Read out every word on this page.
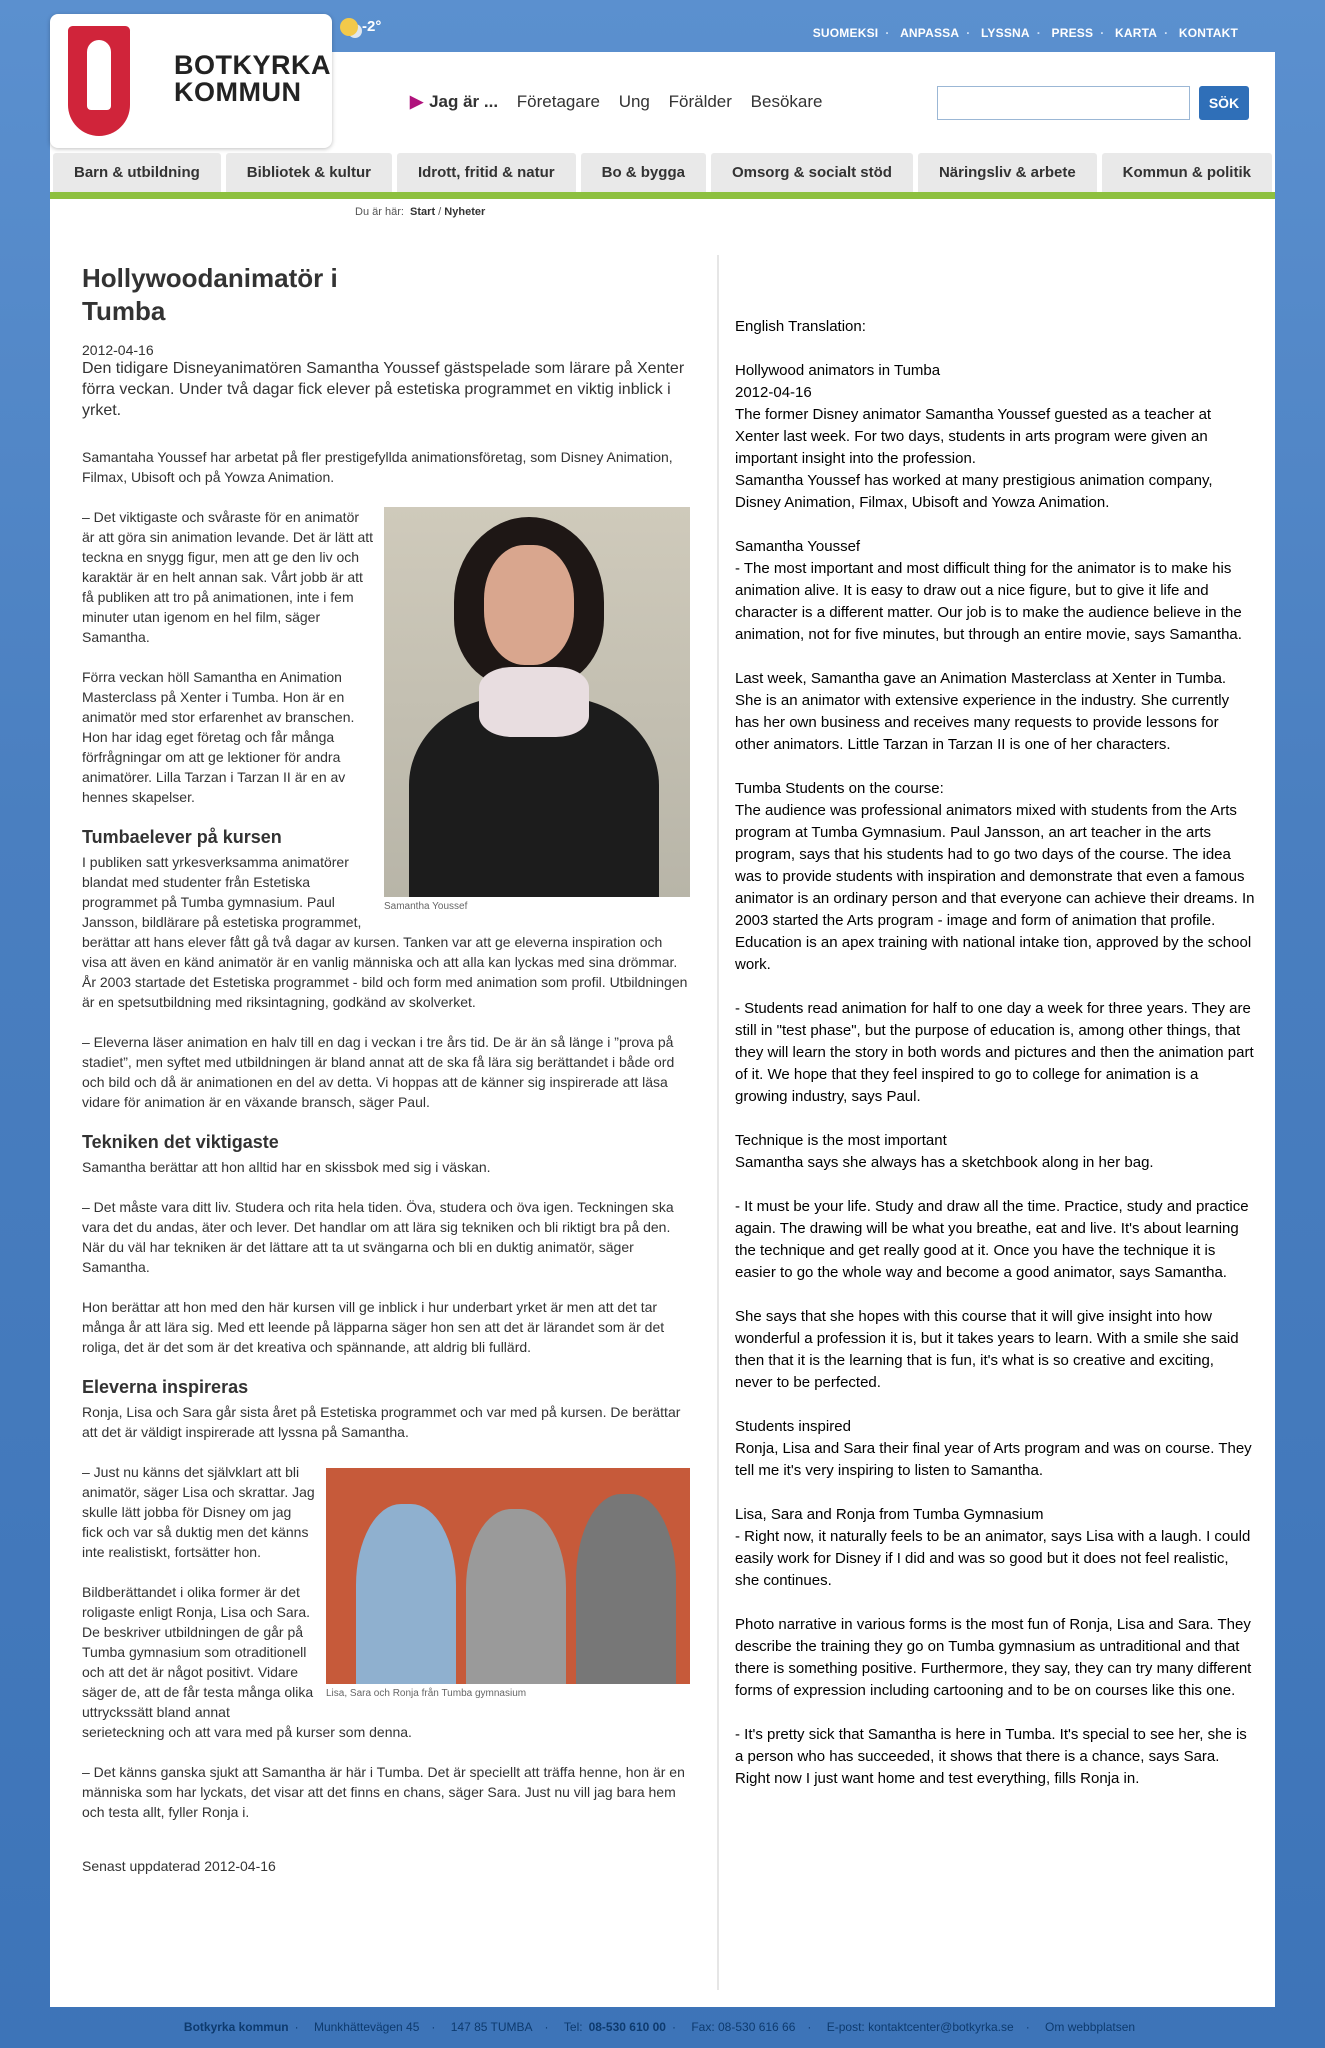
-2°	SUOMEKSI · ANPASSA · LYSSNA · PRESS · KARTA · KONTAKT
BOTKYRKA
KOMMUN	▶ Jag är ... Företagare Ung Förälder Besökare	SÖK
Barn & utbildning	Bibliotek & kultur	Idrott, fritid & natur	Bo & bygga	Omsorg & socialt stöd	Näringsliv & arbete	Kommun & politik
Du är här: Start / Nyheter
Hollywoodanimatör i Tumba

2012-04-16

Den tidigare Disneyanimatören Samantha Youssef gästspelade som lärare på Xenter förra veckan. Under två dagar fick elever på estetiska programmet en viktig inblick i yrket.

Samantaha Youssef har arbetat på fler prestigefyllda animationsföretag, som Disney Animation, Filmax, Ubisoft och på Yowza Animation.

Samantha Youssef

– Det viktigaste och svåraste för en animatör är att göra sin animation levande. Det är lätt att teckna en snygg figur, men att ge den liv och karaktär är en helt annan sak. Vårt jobb är att få publiken att tro på animationen, inte i fem minuter utan igenom en hel film, säger Samantha.

Förra veckan höll Samantha en Animation Masterclass på Xenter i Tumba. Hon är en animatör med stor erfarenhet av branschen. Hon har idag eget företag och får många förfrågningar om att ge lektioner för andra animatörer. Lilla Tarzan i Tarzan II är en av hennes skapelser.

Tumbaelever på kursen

I publiken satt yrkesverksamma animatörer blandat med studenter från Estetiska programmet på Tumba gymnasium. Paul Jansson, bildlärare på estetiska programmet, berättar att hans elever fått gå två dagar av kursen. Tanken var att ge eleverna inspiration och visa att även en känd animatör är en vanlig människa och att alla kan lyckas med sina drömmar. År 2003 startade det Estetiska programmet - bild och form med animation som profil. Utbildningen är en spetsutbildning med riksintagning, godkänd av skolverket.

– Eleverna läser animation en halv till en dag i veckan i tre års tid. De är än så länge i ”prova på stadiet”, men syftet med utbildningen är bland annat att de ska få lära sig berättandet i både ord och bild och då är animationen en del av detta. Vi hoppas att de känner sig inspirerade att läsa vidare för animation är en växande bransch, säger Paul.

Tekniken det viktigaste

Samantha berättar att hon alltid har en skissbok med sig i väskan.

– Det måste vara ditt liv. Studera och rita hela tiden. Öva, studera och öva igen. Teckningen ska vara det du andas, äter och lever. Det handlar om att lära sig tekniken och bli riktigt bra på den. När du väl har tekniken är det lättare att ta ut svängarna och bli en duktig animatör, säger Samantha.

Hon berättar att hon med den här kursen vill ge inblick i hur underbart yrket är men att det tar många år att lära sig. Med ett leende på läpparna säger hon sen att det är lärandet som är det roliga, det är det som är det kreativa och spännande, att aldrig bli fullärd.

Eleverna inspireras

Ronja, Lisa och Sara går sista året på Estetiska programmet och var med på kursen. De berättar att det är väldigt inspirerade att lyssna på Samantha.

Lisa, Sara och Ronja från Tumba gymnasium

– Just nu känns det självklart att bli animatör, säger Lisa och skrattar. Jag skulle lätt jobba för Disney om jag fick och var så duktig men det känns inte realistiskt, fortsätter hon.

Bildberättandet i olika former är det roligaste enligt Ronja, Lisa och Sara. De beskriver utbildningen de går på Tumba gymnasium som otraditionell och att det är något positivt. Vidare säger de, att de får testa många olika uttryckssätt bland annat serieteckning och att vara med på kurser som denna.

– Det känns ganska sjukt att Samantha är här i Tumba. Det är speciellt att träffa henne, hon är en människa som har lyckats, det visar att det finns en chans, säger Sara. Just nu vill jag bara hem och testa allt, fyller Ronja i.

Senast uppdaterad 2012-04-16

English Translation:

Hollywood animators in Tumba
2012-04-16
The former Disney animator Samantha Youssef guested as a teacher at Xenter last week. For two days, students in arts program were given an important insight into the profession.
Samantha Youssef has worked at many prestigious animation company, Disney Animation, Filmax, Ubisoft and Yowza Animation.

Samantha Youssef
- The most important and most difficult thing for the animator is to make his animation alive. It is easy to draw out a nice figure, but to give it life and character is a different matter. Our job is to make the audience believe in the animation, not for five minutes, but through an entire movie, says Samantha.

Last week, Samantha gave an Animation Masterclass at Xenter in Tumba. She is an animator with extensive experience in the industry. She currently has her own business and receives many requests to provide lessons for other animators. Little Tarzan in Tarzan II is one of her characters.

Tumba Students on the course:
The audience was professional animators mixed with students from the Arts program at Tumba Gymnasium. Paul Jansson, an art teacher in the arts program, says that his students had to go two days of the course. The idea was to provide students with inspiration and demonstrate that even a famous animator is an ordinary person and that everyone can achieve their dreams. In 2003 started the Arts program - image and form of animation that profile. Education is an apex training with national intake tion, approved by the school work.

- Students read animation for half to one day a week for three years. They are still in "test phase", but the purpose of education is, among other things, that they will learn the story in both words and pictures and then the animation part of it. We hope that they feel inspired to go to college for animation is a growing industry, says Paul.

Technique is the most important
Samantha says she always has a sketchbook along in her bag.

- It must be your life. Study and draw all the time. Practice, study and practice again. The drawing will be what you breathe, eat and live. It's about learning the technique and get really good at it. Once you have the technique it is easier to go the whole way and become a good animator, says Samantha.

She says that she hopes with this course that it will give insight into how wonderful a profession it is, but it takes years to learn. With a smile she said then that it is the learning that is fun, it's what is so creative and exciting, never to be perfected.

Students inspired
Ronja, Lisa and Sara their final year of Arts program and was on course. They tell me it's very inspiring to listen to Samantha.

Lisa, Sara and Ronja from Tumba Gymnasium
- Right now, it naturally feels to be an animator, says Lisa with a laugh. I could easily work for Disney if I did and was so good but it does not feel realistic, she continues.

Photo narrative in various forms is the most fun of Ronja, Lisa and Sara. They describe the training they go on Tumba gymnasium as untraditional and that there is something positive. Furthermore, they say, they can try many different forms of expression including cartooning and to be on courses like this one.

- It's pretty sick that Samantha is here in Tumba. It's special to see her, she is a person who has succeeded, it shows that there is a chance, says Sara. Right now I just want home and test everything, fills Ronja in.

Botkyrka kommun · Munkhättevägen 45 · 147 85 TUMBA · Tel: 08-530 610 00 · Fax: 08-530 616 66 · E-post: kontaktcenter@botkyrka.se · Om webbplatsen
